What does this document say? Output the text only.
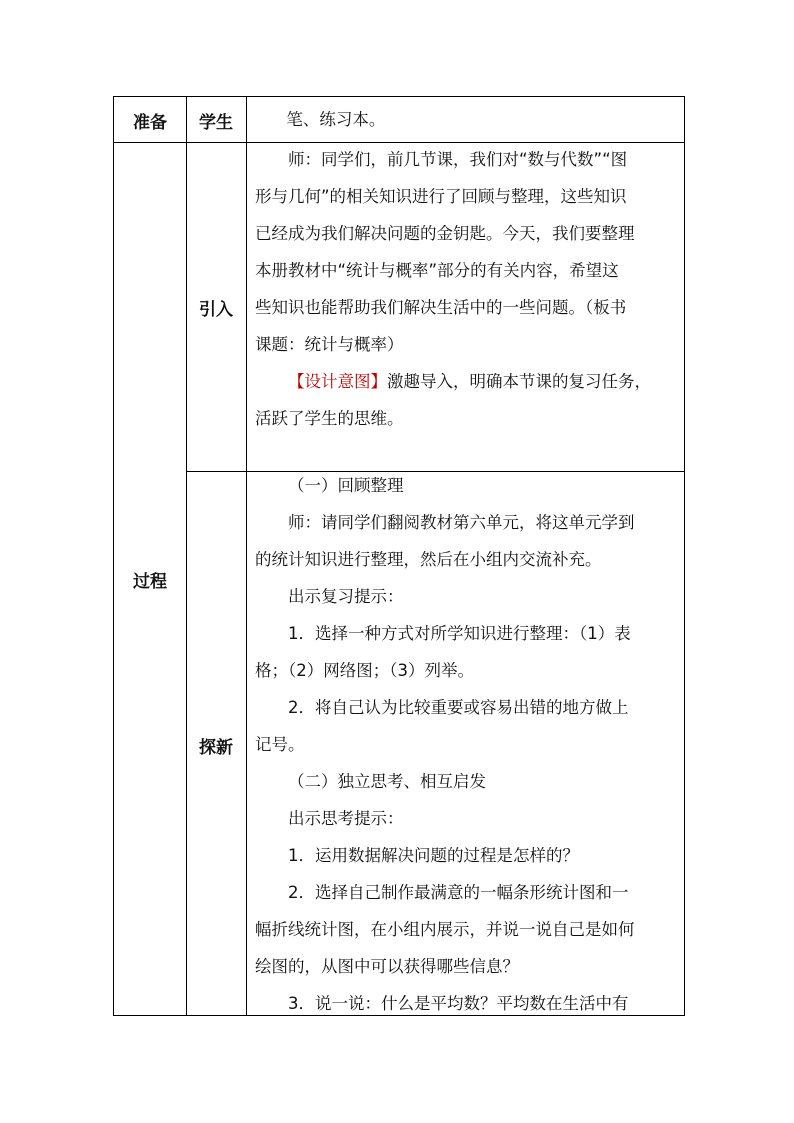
准备	学生	笔、练习本。

过程
引入
师：同学们，前几节课，我们对“数与代数”“图
形与几何”的相关知识进行了回顾与整理，这些知识
已经成为我们解决问题的金钥匙。今天，我们要整理
本册教材中“统计与概率”部分的有关内容，希望这
些知识也能帮助我们解决生活中的一些问题。（板书
课题：统计与概率）
【设计意图】激趣导入，明确本节课的复习任务，
活跃了学生的思维。
探新
（一）回顾整理
师：请同学们翻阅教材第六单元，将这单元学到
的统计知识进行整理，然后在小组内交流补充。
出示复习提示：
1．选择一种方式对所学知识进行整理：（1）表
格；（2）网络图；（3）列举。
2．将自己认为比较重要或容易出错的地方做上
记号。
（二）独立思考、相互启发
出示思考提示：
1．运用数据解决问题的过程是怎样的？
2．选择自己制作最满意的一幅条形统计图和一
幅折线统计图，在小组内展示，并说一说自己是如何
绘图的，从图中可以获得哪些信息？
3．说一说：什么是平均数？平均数在生活中有
